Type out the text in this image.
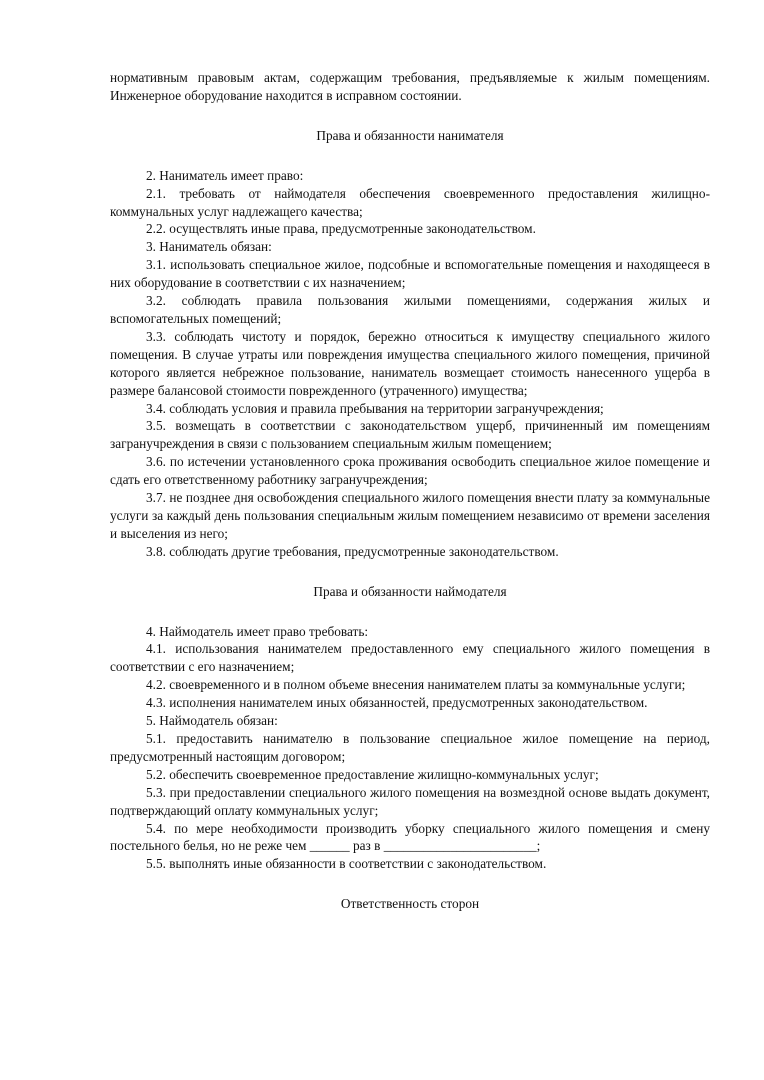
нормативным правовым актам, содержащим требования, предъявляемые к жилым помещениям. Инженерное оборудование находится в исправном состоянии.

Права и обязанности нанимателя

2. Наниматель имеет право:

2.1. требовать от наймодателя обеспечения своевременного предоставления жилищно-коммунальных услуг надлежащего качества;

2.2. осуществлять иные права, предусмотренные законодательством.

3. Наниматель обязан:

3.1. использовать специальное жилое, подсобные и вспомогательные помещения и находящееся в них оборудование в соответствии с их назначением;

3.2. соблюдать правила пользования жилыми помещениями, содержания жилых и вспомогательных помещений;

3.3. соблюдать чистоту и порядок, бережно относиться к имуществу специального жилого помещения. В случае утраты или повреждения имущества специального жилого помещения, причиной которого является небрежное пользование, наниматель возмещает стоимость нанесенного ущерба в размере балансовой стоимости поврежденного (утраченного) имущества;

3.4. соблюдать условия и правила пребывания на территории загранучреждения;

3.5. возмещать в соответствии с законодательством ущерб, причиненный им помещениям загранучреждения в связи с пользованием специальным жилым помещением;

3.6. по истечении установленного срока проживания освободить специальное жилое помещение и сдать его ответственному работнику загранучреждения;

3.7. не позднее дня освобождения специального жилого помещения внести плату за коммунальные услуги за каждый день пользования специальным жилым помещением независимо от времени заселения и выселения из него;

3.8. соблюдать другие требования, предусмотренные законодательством.

Права и обязанности наймодателя

4. Наймодатель имеет право требовать:

4.1. использования нанимателем предоставленного ему специального жилого помещения в соответствии с его назначением;

4.2. своевременного и в полном объеме внесения нанимателем платы за коммунальные услуги;

4.3. исполнения нанимателем иных обязанностей, предусмотренных законодательством.

5. Наймодатель обязан:

5.1. предоставить нанимателю в пользование специальное жилое помещение на период, предусмотренный настоящим договором;

5.2. обеспечить своевременное предоставление жилищно-коммунальных услуг;

5.3. при предоставлении специального жилого помещения на возмездной основе выдать документ, подтверждающий оплату коммунальных услуг;

5.4. по мере необходимости производить уборку специального жилого помещения и смену постельного белья, но не реже чем ______ раз в _______________________;

5.5. выполнять иные обязанности в соответствии с законодательством.

Ответственность сторон
